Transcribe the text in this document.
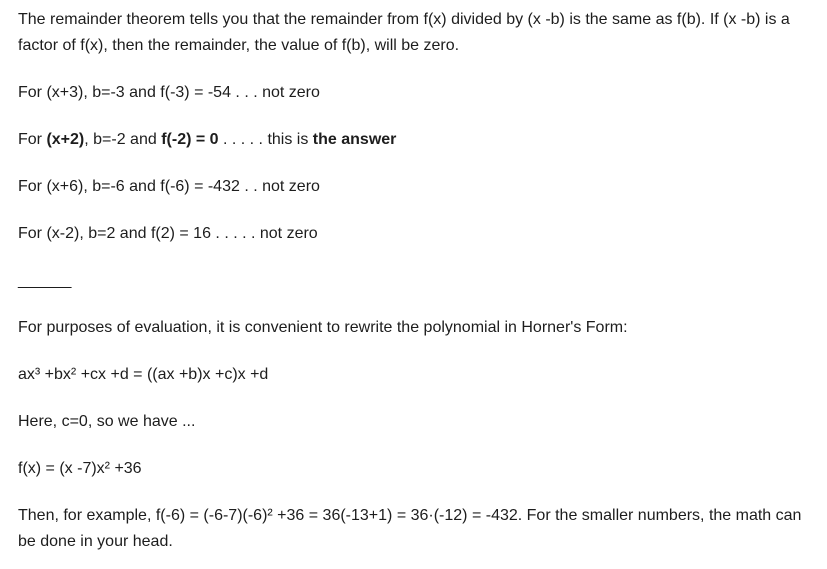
The remainder theorem tells you that the remainder from f(x) divided by (x -b) is the same as f(b). If (x -b) is a factor of f(x), then the remainder, the value of f(b), will be zero.

For (x+3), b=-3 and f(-3) = -54 . . . not zero

For (x+2), b=-2 and f(-2) = 0 . . . . . this is the answer

For (x+6), b=-6 and f(-6) = -432 . . not zero

For (x-2), b=2 and f(2) = 16 . . . . . not zero

______

For purposes of evaluation, it is convenient to rewrite the polynomial in Horner's Form:

ax³ +bx² +cx +d = ((ax +b)x +c)x +d

Here, c=0, so we have ...

f(x) = (x -7)x² +36

Then, for example, f(-6) = (-6-7)(-6)² +36 = 36(-13+1) = 36·(-12) = -432. For the smaller numbers, the math can be done in your head.
